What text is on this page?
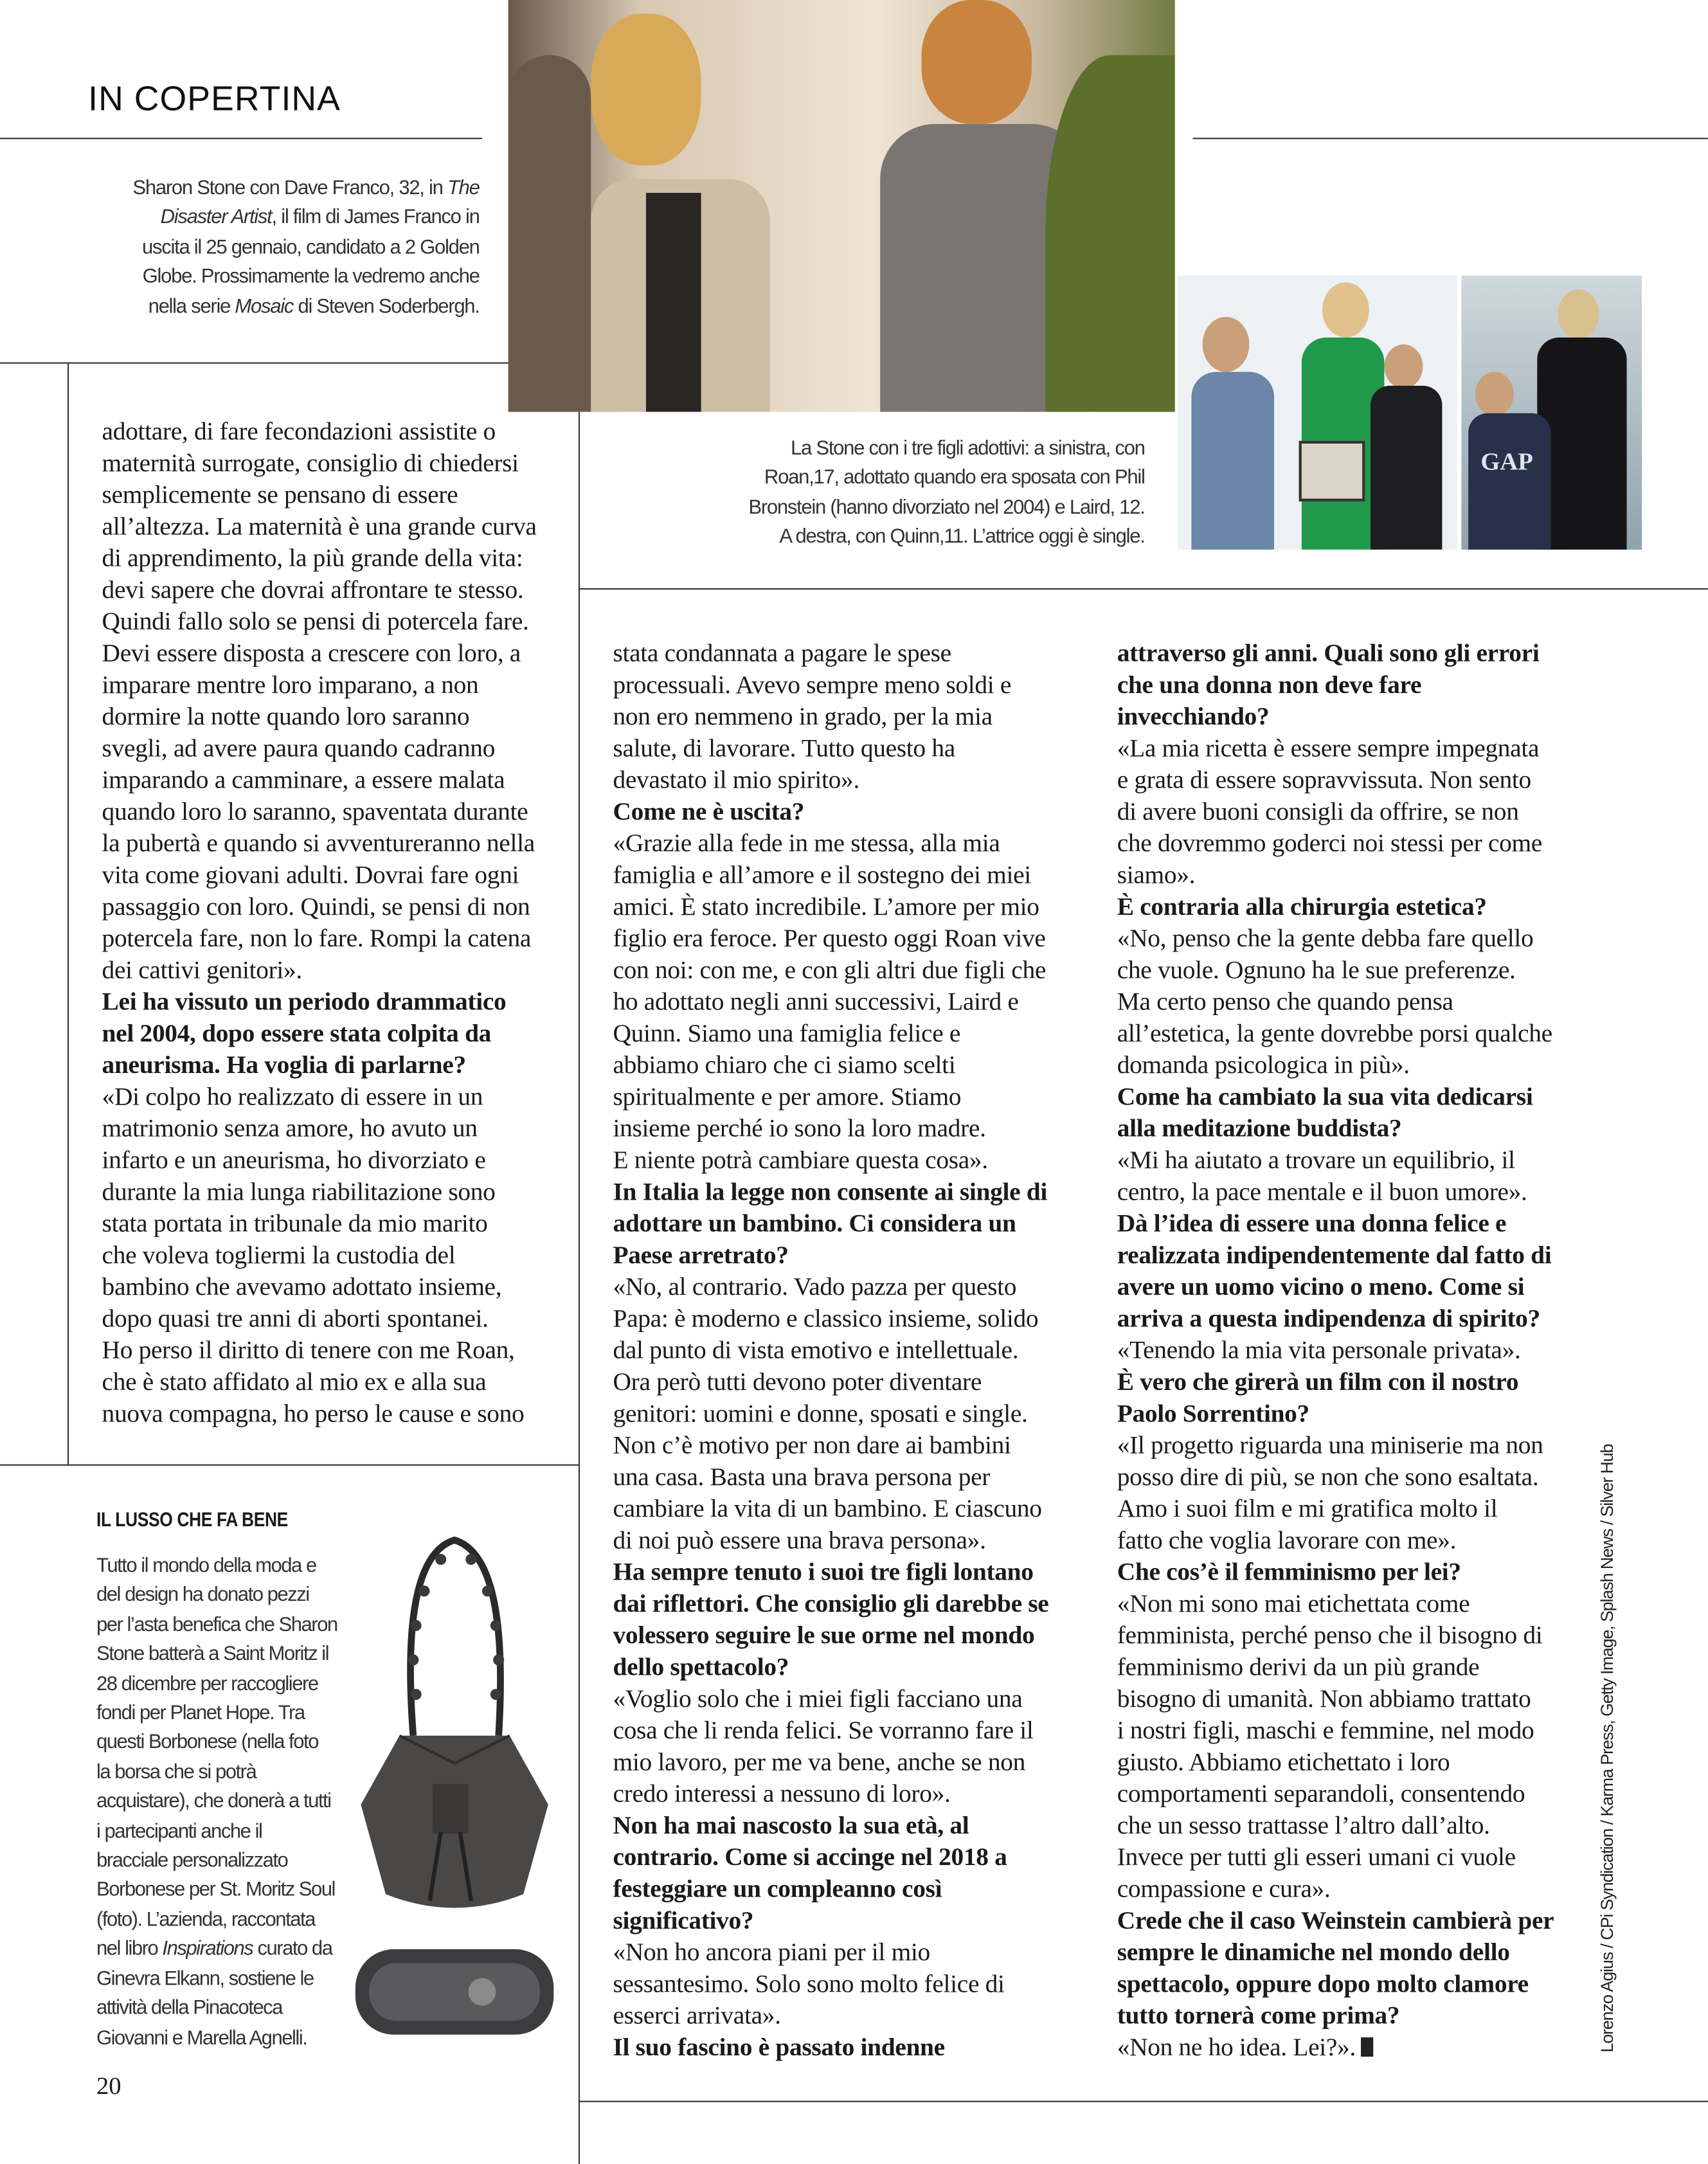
IN COPERTINA
Sharon Stone con Dave Franco, 32, in The
Disaster Artist, il film di James Franco in
uscita il 25 gennaio, candidato a 2 Golden
Globe. Prossimamente la vedremo anche
nella serie Mosaic di Steven Soderbergh.
GAP
La Stone con i tre figli adottivi: a sinistra, con
Roan,17, adottato quando era sposata con Phil
Bronstein (hanno divorziato nel 2004) e Laird, 12.
A destra, con Quinn,11. L’attrice oggi è single.
adottare, di fare fecondazioni assistite o
maternità surrogate, consiglio di chiedersi
semplicemente se pensano di essere
all’altezza. La maternità è una grande curva
di apprendimento, la più grande della vita:
devi sapere che dovrai affrontare te stesso.
Quindi fallo solo se pensi di potercela fare.
Devi essere disposta a crescere con loro, a
imparare mentre loro imparano, a non
dormire la notte quando loro saranno
svegli, ad avere paura quando cadranno
imparando a camminare, a essere malata
quando loro lo saranno, spaventata durante
la pubertà e quando si avventureranno nella
vita come giovani adulti. Dovrai fare ogni
passaggio con loro. Quindi, se pensi di non
potercela fare, non lo fare. Rompi la catena
dei cattivi genitori».
Lei ha vissuto un periodo drammatico
nel 2004, dopo essere stata colpita da
aneurisma. Ha voglia di parlarne?
«Di colpo ho realizzato di essere in un
matrimonio senza amore, ho avuto un
infarto e un aneurisma, ho divorziato e
durante la mia lunga riabilitazione sono
stata portata in tribunale da mio marito
che voleva togliermi la custodia del
bambino che avevamo adottato insieme,
dopo quasi tre anni di aborti spontanei.
Ho perso il diritto di tenere con me Roan,
che è stato affidato al mio ex e alla sua
nuova compagna, ho perso le cause e sono
stata condannata a pagare le spese
processuali. Avevo sempre meno soldi e
non ero nemmeno in grado, per la mia
salute, di lavorare. Tutto questo ha
devastato il mio spirito».
Come ne è uscita?
«Grazie alla fede in me stessa, alla mia
famiglia e all’amore e il sostegno dei miei
amici. È stato incredibile. L’amore per mio
figlio era feroce. Per questo oggi Roan vive
con noi: con me, e con gli altri due figli che
ho adottato negli anni successivi, Laird e
Quinn. Siamo una famiglia felice e
abbiamo chiaro che ci siamo scelti
spiritualmente e per amore. Stiamo
insieme perché io sono la loro madre.
E niente potrà cambiare questa cosa».
In Italia la legge non consente ai single di
adottare un bambino. Ci considera un
Paese arretrato?
«No, al contrario. Vado pazza per questo
Papa: è moderno e classico insieme, solido
dal punto di vista emotivo e intellettuale.
Ora però tutti devono poter diventare
genitori: uomini e donne, sposati e single.
Non c’è motivo per non dare ai bambini
una casa. Basta una brava persona per
cambiare la vita di un bambino. E ciascuno
di noi può essere una brava persona».
Ha sempre tenuto i suoi tre figli lontano
dai riflettori. Che consiglio gli darebbe se
volessero seguire le sue orme nel mondo
dello spettacolo?
«Voglio solo che i miei figli facciano una
cosa che li renda felici. Se vorranno fare il
mio lavoro, per me va bene, anche se non
credo interessi a nessuno di loro».
Non ha mai nascosto la sua età, al
contrario. Come si accinge nel 2018 a
festeggiare un compleanno così
significativo?
«Non ho ancora piani per il mio
sessantesimo. Solo sono molto felice di
esserci arrivata».
Il suo fascino è passato indenne
attraverso gli anni. Quali sono gli errori
che una donna non deve fare
invecchiando?
«La mia ricetta è essere sempre impegnata
e grata di essere sopravvissuta. Non sento
di avere buoni consigli da offrire, se non
che dovremmo goderci noi stessi per come
siamo».
È contraria alla chirurgia estetica?
«No, penso che la gente debba fare quello
che vuole. Ognuno ha le sue preferenze.
Ma certo penso che quando pensa
all’estetica, la gente dovrebbe porsi qualche
domanda psicologica in più».
Come ha cambiato la sua vita dedicarsi
alla meditazione buddista?
«Mi ha aiutato a trovare un equilibrio, il
centro, la pace mentale e il buon umore».
Dà l’idea di essere una donna felice e
realizzata indipendentemente dal fatto di
avere un uomo vicino o meno. Come si
arriva a questa indipendenza di spirito?
«Tenendo la mia vita personale privata».
È vero che girerà un film con il nostro
Paolo Sorrentino?
«Il progetto riguarda una miniserie ma non
posso dire di più, se non che sono esaltata.
Amo i suoi film e mi gratifica molto il
fatto che voglia lavorare con me».
Che cos’è il femminismo per lei?
«Non mi sono mai etichettata come
femminista, perché penso che il bisogno di
femminismo derivi da un più grande
bisogno di umanità. Non abbiamo trattato
i nostri figli, maschi e femmine, nel modo
giusto. Abbiamo etichettato i loro
comportamenti separandoli, consentendo
che un sesso trattasse l’altro dall’alto.
Invece per tutti gli esseri umani ci vuole
compassione e cura».
Crede che il caso Weinstein cambierà per
sempre le dinamiche nel mondo dello
spettacolo, oppure dopo molto clamore
tutto tornerà come prima?
«Non ne ho idea. Lei?».
IL LUSSO CHE FA BENE
Tutto il mondo della moda e
del design ha donato pezzi
per l’asta benefica che Sharon
Stone batterà a Saint Moritz il
28 dicembre per raccogliere
fondi per Planet Hope. Tra
questi Borbonese (nella foto
la borsa che si potrà
acquistare), che donerà a tutti
i partecipanti anche il
bracciale personalizzato
Borbonese per St. Moritz Soul
(foto). L’azienda, raccontata
nel libro Inspirations curato da
Ginevra Elkann, sostiene le
attività della Pinacoteca
Giovanni e Marella Agnelli.
20
Lorenzo Agius / CPi Syndication / Karma Press, Getty Image, Splash News / Silver Hub
